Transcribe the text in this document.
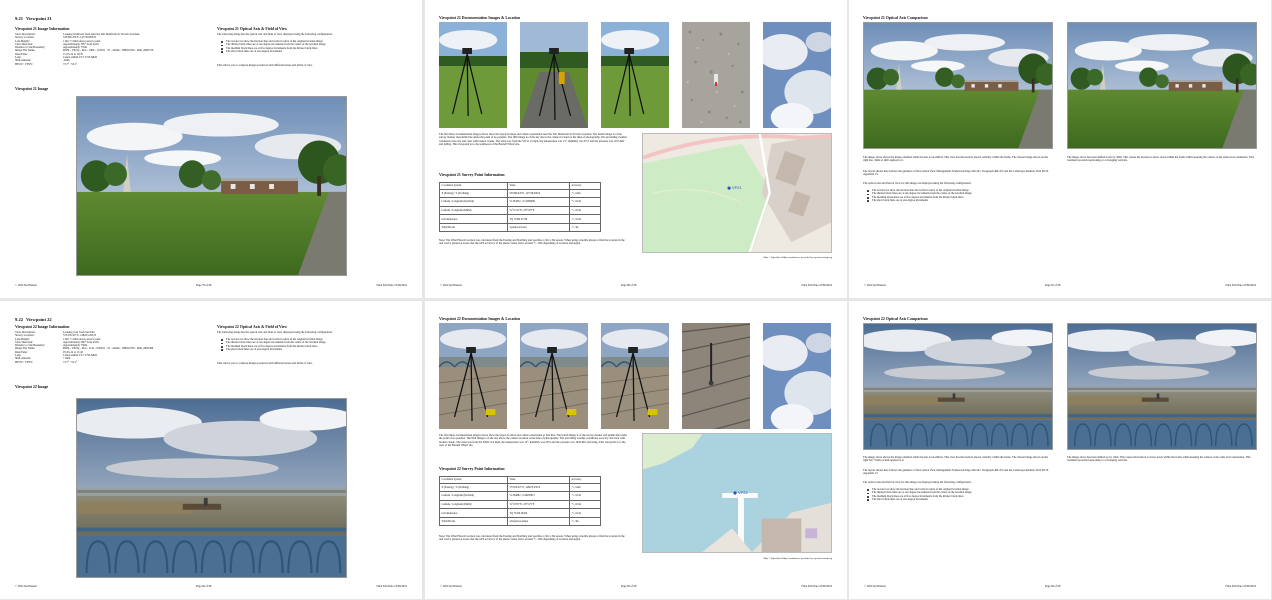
9.21 Viewpoint 21
Viewpoint 21 Image Information
View Description:	Looking northwest from near the War Memorial in Victoria Gardens
Survey Location:	535390.470 E, 147749.006 N
Lens Height:	1.6m +/-5mm above survey point
View Direction:	Approximately 305° from north
Distance to Site Boundary:	Approximately 755m
Image File Name:	BWR - VP21g - Ifo4 - 1000 - 110522 - 55 - 24mm - 5880x3760 - Imm_8020736
Date/Time:	11-05-22 at 10:35
Lens:	Canon 24mm f/3.5 T-SE MkII
Shift Amount:	-2mm
HFOV / VFOV:	73.7° / 53.1°
Viewpoint 21 Optical Axis & Field of View
The following image has the optical axis and field of view displayed using the following configuration:
The red arrows show the horizon line and vertical centre of the original levelled image
The thicker black lines are at ten degree increments from the centre of the levelled image
The medium black lines are at five degree increments from the thicker black lines
The short black lines are at one degree increments
This allows you to compare images produced with different lenses and fields of view.
Viewpoint 21 Image
© 2022 Ian Hansen	Page 79 of 98	Final Edit Date 23/06/2022
Viewpoint 21 Documentation Images & Location
The first three documentation images above show the tripod location and camera orientation near the War Memorial in Victoria Gardens. The fourth image is of the survey marker and plumb line under the point of no parallax. The fifth image is of the sky above the camera location at the time of photography. The prevailing weather conditions were dry and clear with broken clouds. The wind was from the SW at 15 mph, the temperature was 15°, humidity was 67% and the pressure was 1015 hPa and falling. This viewpoint is to the southwest of the Bardell Wharf site.
Viewpoint 21 Survey Point Information
Coordinate System	Value	Accuracy
X (Easting) , Y (Northing)	535390.470 E, 147749.006 N	+/- 1mm
Latitude / Longitude (Decimal)	51.361632 , 0.51096099	+/- 10cm
Latitude / Longitude (D&M)	51°21'41"N , 00°31'0"E	+/- 10cm
Grid Reference	TQ 75390 47749	+/- 10cm
What3Words	system.card.area	+/- 3m
Note: The What3Words location was calculated from the Easting and Northing and specifies a 3m x 3m square. When using a mobile phone to find the location in the real world, please be aware that the GPS accuracy of the phone varies and is around +/- 10m depending on location and signal.
VP21
Map © OpenStreetMap contributors, provided by openstreetmap.org
© 2022 Ian Hansen	Page 80 of 98	Final Edit Date 23/06/2022
Viewpoint 21 Optical Axis Comparison
The image above shows the image obtained while the lens is un-shifted. This view has the horizon placed centrally within the frame. The chosen image shown on the right has -3mm of shift applied to it.
The image above has been shifted down by 3mm. This causes the horizon to move down within the frame whilst keeping the camera at the same level orientation. This treatment prevents keystoning or converging verticals.
The layout shown here follows the guidance of the London View Management Framework Page 246-247, Paragraph 466-472 and the Landscape Institute TGN 06/19 Appendix 13.
The optical axis and field of view for this image are displayed using the following configuration:
The red arrows show the horizon line and vertical centre of the original levelled image
The thicker black lines are at ten degree increments from the centre of the levelled image
The medium black lines are at five degree increments from the thicker black lines
The short black lines are at one degree increments
© 2022 Ian Hansen	Page 81 of 98	Final Edit Date 23/06/2022
9.22 Viewpoint 22
Viewpoint 22 Image Information
View Description:	Looking west from Sun Pier
Survey Location:	575476.327 E, 148103.456 N
Lens Height:	1.6m +/-5mm above survey point
View Direction:	Approximately 260° from north
Distance to Site Boundary:	Approximately 730m
Image File Name:	BWR - VP22g - Ifo4 - 1142 - 050522 - 55 - 24mm - 5880x3760 - Imm_8020494
Date/Time:	05-05-22 at 11:42
Lens:	Canon 24mm f/3.5 T-SE MkII
Shift Amount:	+1mm
HFOV / VFOV:	73.7° / 53.1°
Viewpoint 22 Optical Axis & Field of View
The following image has the optical axis and field of view displayed using the following configuration:
The red arrows show the horizon line and vertical centre of the original levelled image
The thicker black lines are at ten degree increments from the centre of the levelled image
The medium black lines are at five degree increments from the thicker black lines
The short black lines are at one degree increments
This allows you to compare images produced with different lenses and fields of view.
Viewpoint 22 Image
© 2022 Ian Hansen	Page 82 of 98	Final Edit Date 23/06/2022
Viewpoint 22 Documentation Images & Location
The first three documentation images above show the tripod location and camera orientation at Sun Pier. The fourth image is of the survey marker and plumb line under the point of no parallax. The fifth image is of the sky above the camera location at the time of photography. The prevailing weather conditions were dry and clear with broken clouds. The wind was from the NNW at 6 mph, the temperature was 14°, humidity was 59% and the pressure was 1026 hPa and rising. This viewpoint is to the west of the Bardell Wharf site.
Viewpoint 22 Survey Point Information
Coordinate System	Value	Accuracy
X (Easting) , Y (Northing)	575476.327 E, 148103.456 N	+/- 1mm
Latitude / Longitude (Decimal)	51.384662 , 0.49050815	+/- 10cm
Latitude / Longitude (D&M)	51°23'05"N , 00°31'5"E	+/- 10cm
Grid Reference	TQ 75476 48103	+/- 10cm
What3Words	wind.prices.shape	+/- 3m
Note: The What3Words location was calculated from the Easting and Northing and specifies a 3m x 3m square. When using a mobile phone to find the location in the real world, please be aware that the GPS accuracy of the phone varies and is around +/- 10m depending on location and signal.
VP22
Map © OpenStreetMap contributors, provided by openstreetmap.org
© 2022 Ian Hansen	Page 83 of 98	Final Edit Date 23/06/2022
Viewpoint 22 Optical Axis Comparison
The image above shows the image obtained while the lens is un-shifted. This view has the horizon placed centrally within the frame. The chosen image shown on the right has +1mm of shift applied to it.
The image above has been shifted up by 1mm. This causes the horizon to move down within the frame whilst keeping the camera at the same level orientation. This treatment prevents keystoning or converging verticals.
The layout shown here follows the guidance of the London View Management Framework Page 246-247, Paragraph 466-472 and the Landscape Institute TGN 06/19 Appendix 13.
The optical axis and field of view for this image are displayed using the following configuration:
The red arrows show the horizon line and vertical centre of the original levelled image
The thicker black lines are at ten degree increments from the centre of the levelled image
The medium black lines are at five degree increments from the thicker black lines
The short black lines are at one degree increments
© 2022 Ian Hansen	Page 84 of 98	Final Edit Date 23/06/2022
